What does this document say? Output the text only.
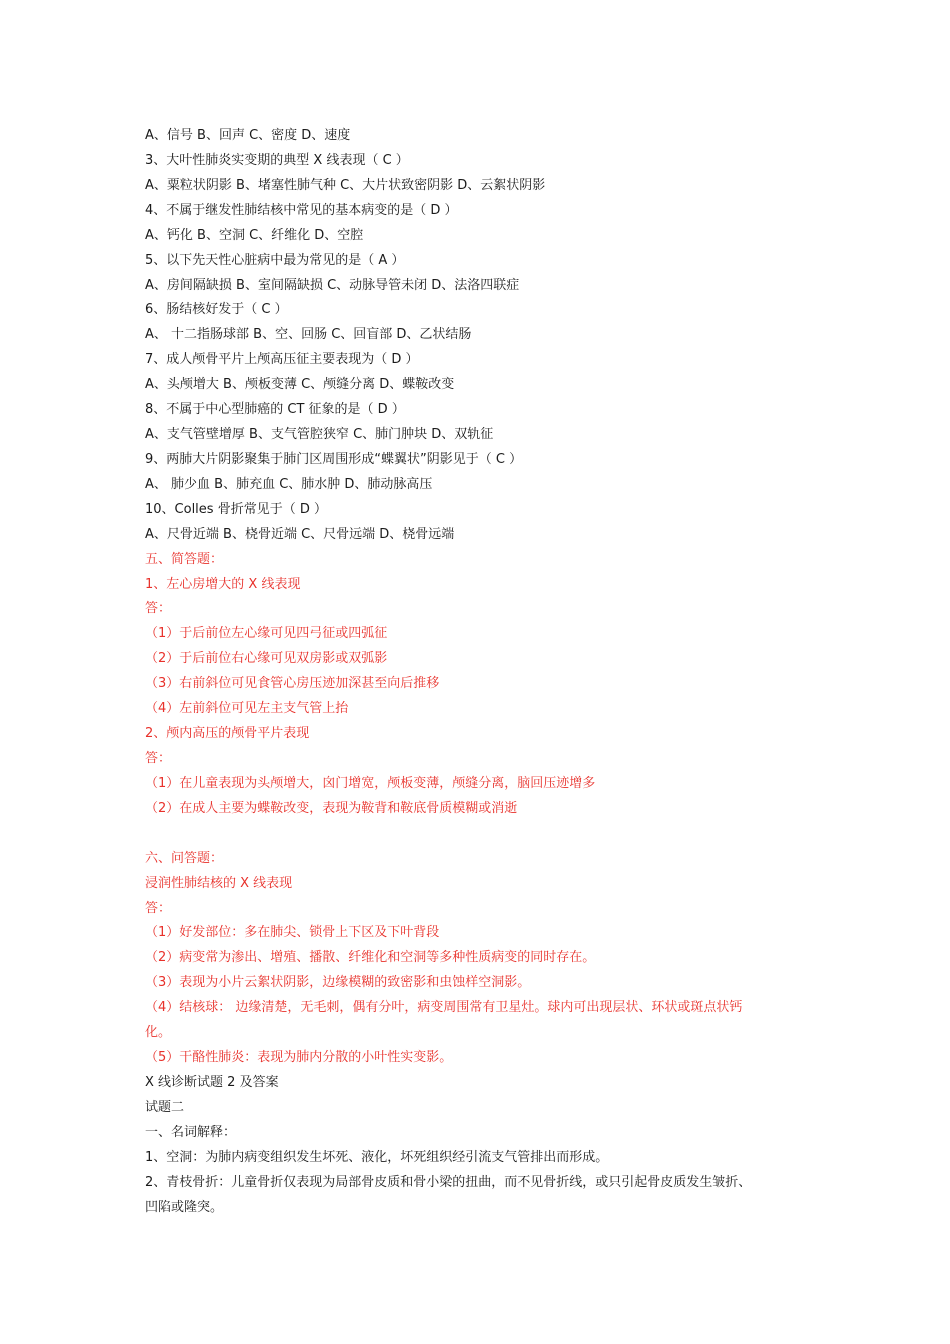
A、信号 B、回声 C、密度 D、速度
3、大叶性肺炎实变期的典型 X 线表现（ C ）
A、粟粒状阴影 B、堵塞性肺气种 C、大片状致密阴影 D、云絮状阴影
4、不属于继发性肺结核中常见的基本病变的是（ D ）
A、钙化 B、空洞 C、纤维化 D、空腔
5、以下先天性心脏病中最为常见的是（ A ）
A、房间隔缺损 B、室间隔缺损 C、动脉导管未闭 D、法洛四联症
6、肠结核好发于（ C ）
A、 十二指肠球部 B、空、回肠 C、回盲部 D、乙状结肠
7、成人颅骨平片上颅高压征主要表现为（ D ）
A、头颅增大 B、颅板变薄 C、颅缝分离 D、蝶鞍改变
8、不属于中心型肺癌的 CT 征象的是（ D ）
A、支气管壁增厚 B、支气管腔狭窄 C、肺门肿块 D、双轨征
9、两肺大片阴影聚集于肺门区周围形成“蝶翼状”阴影见于（ C ）
A、 肺少血 B、肺充血 C、肺水肿 D、肺动脉高压
10、Colles 骨折常见于（ D ）
A、尺骨近端 B、桡骨近端 C、尺骨远端 D、桡骨远端
五、简答题：
1、左心房增大的 X 线表现
答：
（1）于后前位左心缘可见四弓征或四弧征
（2）于后前位右心缘可见双房影或双弧影
（3）右前斜位可见食管心房压迹加深甚至向后推移
（4）左前斜位可见左主支气管上抬
2、颅内高压的颅骨平片表现
答：
（1）在儿童表现为头颅增大，囟门增宽，颅板变薄，颅缝分离，脑回压迹增多
（2）在成人主要为蝶鞍改变，表现为鞍背和鞍底骨质模糊或消逝
六、问答题：
浸润性肺结核的 X 线表现
答：
（1）好发部位：多在肺尖、锁骨上下区及下叶背段
（2）病变常为渗出、增殖、播散、纤维化和空洞等多种性质病变的同时存在。
（3）表现为小片云絮状阴影，边缘模糊的致密影和虫蚀样空洞影。
（4）结核球： 边缘清楚，无毛刺，偶有分叶，病变周围常有卫星灶。球内可出现层状、环状或斑点状钙
化。
（5）干酪性肺炎：表现为肺内分散的小叶性实变影。
X 线诊断试题 2 及答案
试题二
一、名词解释：
1、空洞：为肺内病变组织发生坏死、液化，坏死组织经引流支气管排出而形成。
2、青枝骨折：儿童骨折仅表现为局部骨皮质和骨小梁的扭曲，而不见骨折线，或只引起骨皮质发生皱折、
凹陷或隆突。
